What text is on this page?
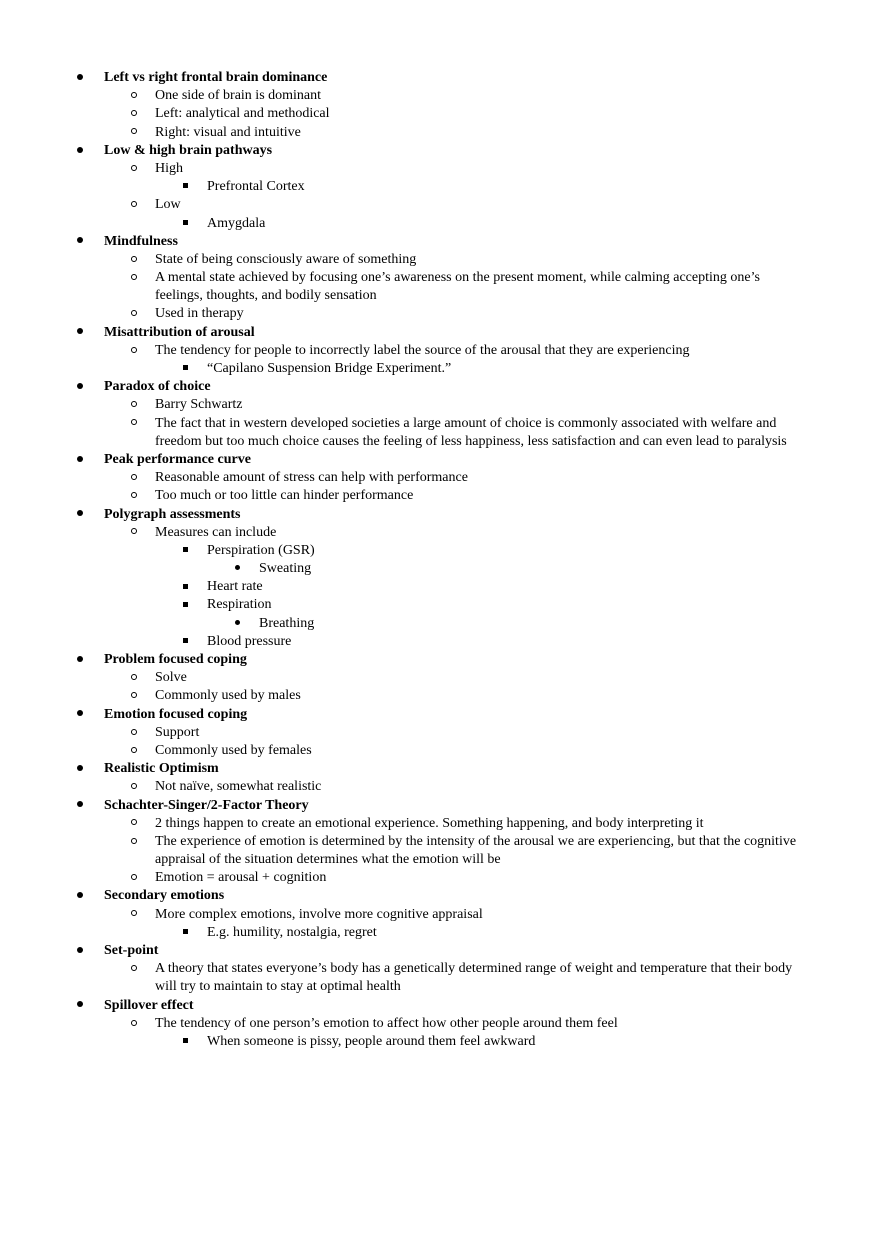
Left vs right frontal brain dominance
One side of brain is dominant
Left: analytical and methodical
Right: visual and intuitive
Low & high brain pathways
High
Prefrontal Cortex
Low
Amygdala
Mindfulness
State of being consciously aware of something
A mental state achieved by focusing one’s awareness on the present moment, while calming accepting one’s
feelings, thoughts, and bodily sensation
Used in therapy
Misattribution of arousal
The tendency for people to incorrectly label the source of the arousal that they are experiencing
“Capilano Suspension Bridge Experiment.”
Paradox of choice
Barry Schwartz
The fact that in western developed societies a large amount of choice is commonly associated with welfare and
freedom but too much choice causes the feeling of less happiness, less satisfaction and can even lead to paralysis
Peak performance curve
Reasonable amount of stress can help with performance
Too much or too little can hinder performance
Polygraph assessments
Measures can include
Perspiration (GSR)
Sweating
Heart rate
Respiration
Breathing
Blood pressure
Problem focused coping
Solve
Commonly used by males
Emotion focused coping
Support
Commonly used by females
Realistic Optimism
Not naïve, somewhat realistic
Schachter-Singer/2-Factor Theory
2 things happen to create an emotional experience. Something happening, and body interpreting it
The experience of emotion is determined by the intensity of the arousal we are experiencing, but that the cognitive
appraisal of the situation determines what the emotion will be
Emotion = arousal + cognition
Secondary emotions
More complex emotions, involve more cognitive appraisal
E.g. humility, nostalgia, regret
Set-point
A theory that states everyone’s body has a genetically determined range of weight and temperature that their body
will try to maintain to stay at optimal health
Spillover effect
The tendency of one person’s emotion to affect how other people around them feel
When someone is pissy, people around them feel awkward
